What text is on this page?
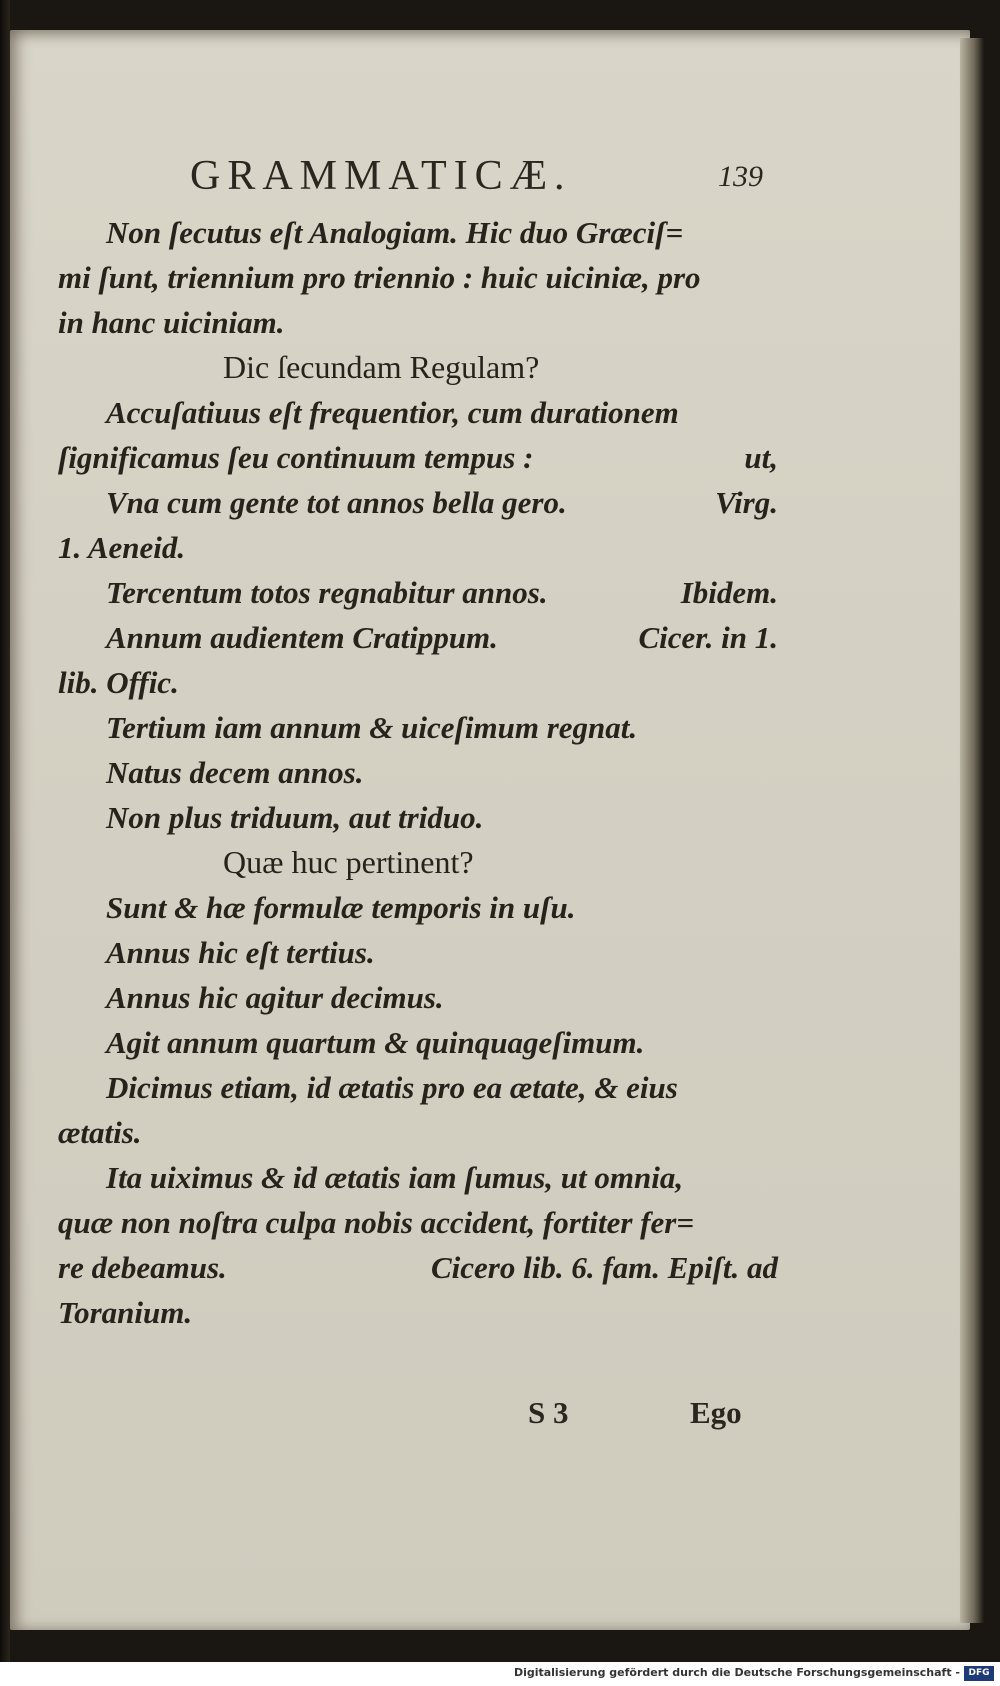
GRAMMATICÆ.	139
Non ſecutus eſt Analogiam. Hic duo Græciſ=
mi ſunt, triennium pro triennio : huic uiciniæ, pro
in hanc uiciniam.
Dic ſecundam Regulam?
Accuſatiuus eſt frequentior, cum durationem
ſignificamus ſeu continuum tempus :	ut,
Vna cum gente tot annos bella gero.	Virg.
1. Aeneid.
Tercentum totos regnabitur annos.	Ibidem.
Annum audientem Cratippum.	Cicer. in 1.
lib. Offic.
Tertium iam annum & uiceſimum regnat.
Natus decem annos.
Non plus triduum, aut triduo.
Quæ huc pertinent?
Sunt & hæ formulæ temporis in uſu.
Annus hic eſt tertius.
Annus hic agitur decimus.
Agit annum quartum & quinquageſimum.
Dicimus etiam, id ætatis pro ea ætate, & eius
ætatis.
Ita uiximus & id ætatis iam ſumus, ut omnia,
quæ non noſtra culpa nobis accident, fortiter fer=
re debeamus.	Cicero lib. 6. fam. Epiſt. ad
Toranium.
S 3	Ego
Digitalisierung gefördert durch die Deutsche Forschungsgemeinschaft - DFG
